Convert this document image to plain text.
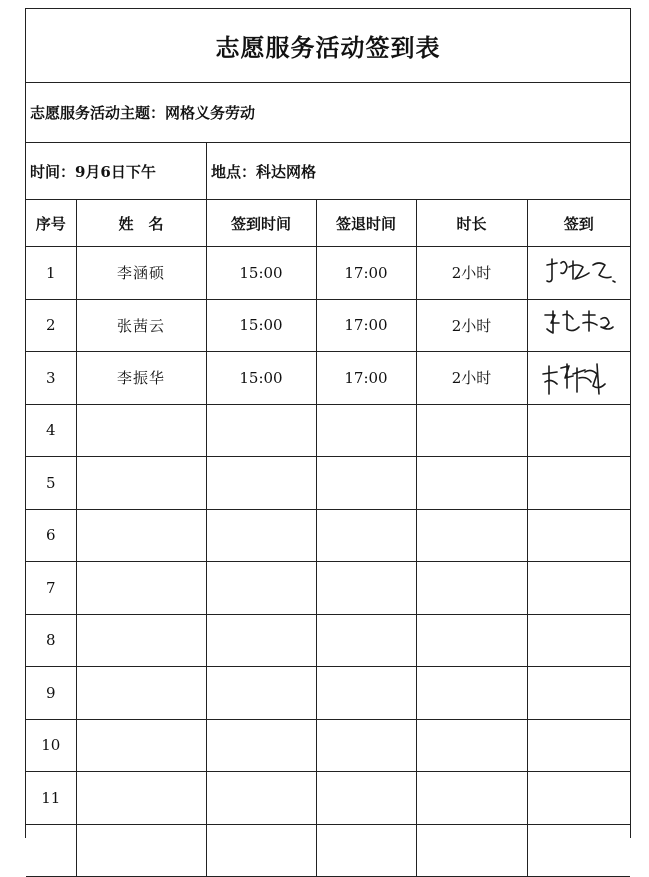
志愿服务活动签到表
志愿服务活动主题：网格义务劳动
时间：9月6日下午	地点：科达网格
序号	姓　名	签到时间	签退时间	时长	签到
1	李涵硕	15:00	17:00	2小时	

2	张茜云	15:00	17:00	2小时	

3	李振华	15:00	17:00	2小时	

4					
5					
6					
7					
8					
9					
10					
11					
